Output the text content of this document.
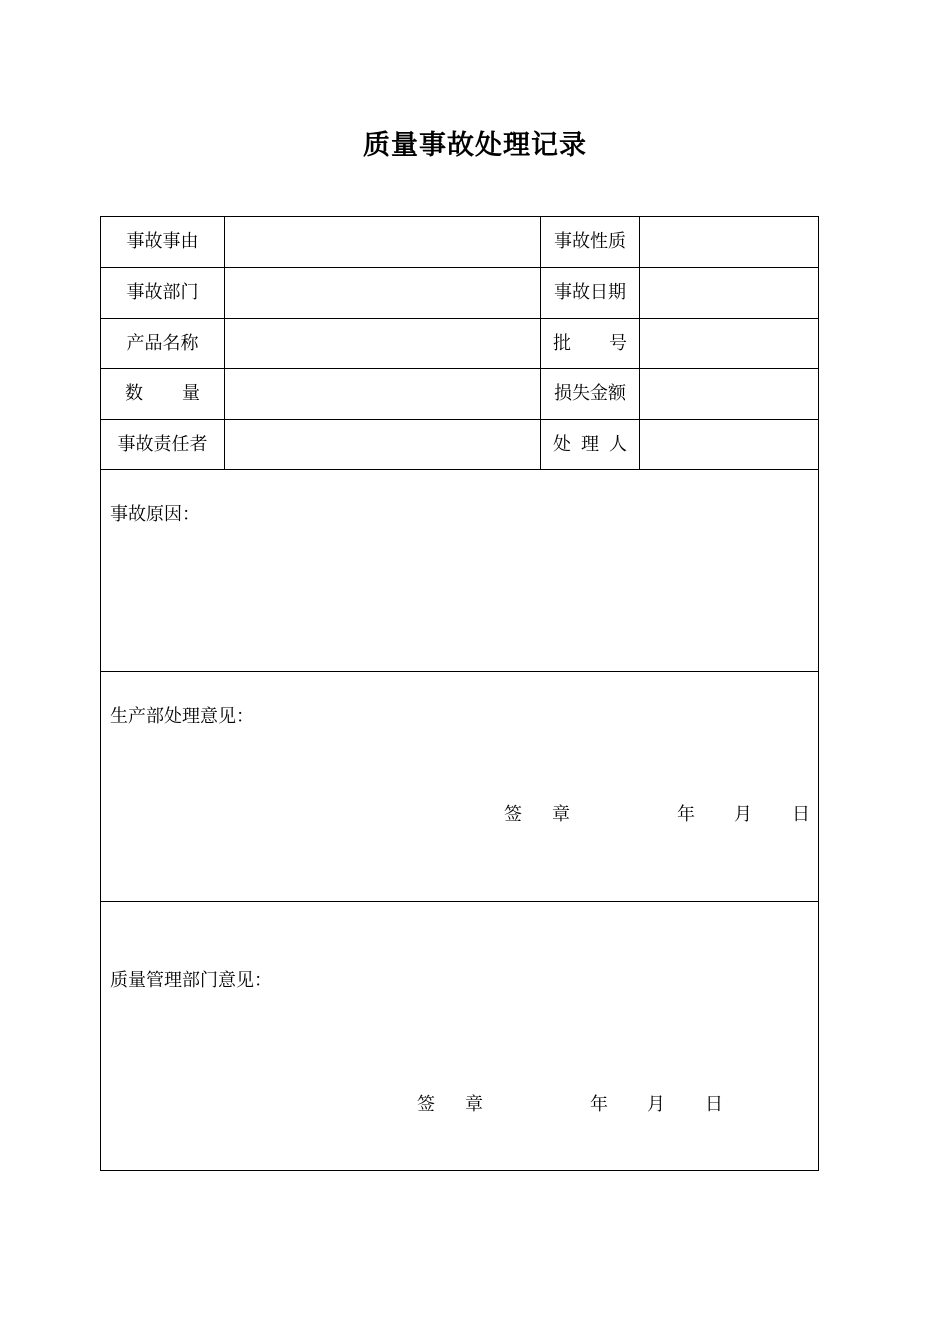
质量事故处理记录
事故事由	事故性质
事故部门	事故日期
产品名称	批 号
数 量	损失金额
事故责任者	处 理 人
事故原因：
生产部处理意见：
签 章	年 月 日
质量管理部门意见：
签 章	年 月 日
